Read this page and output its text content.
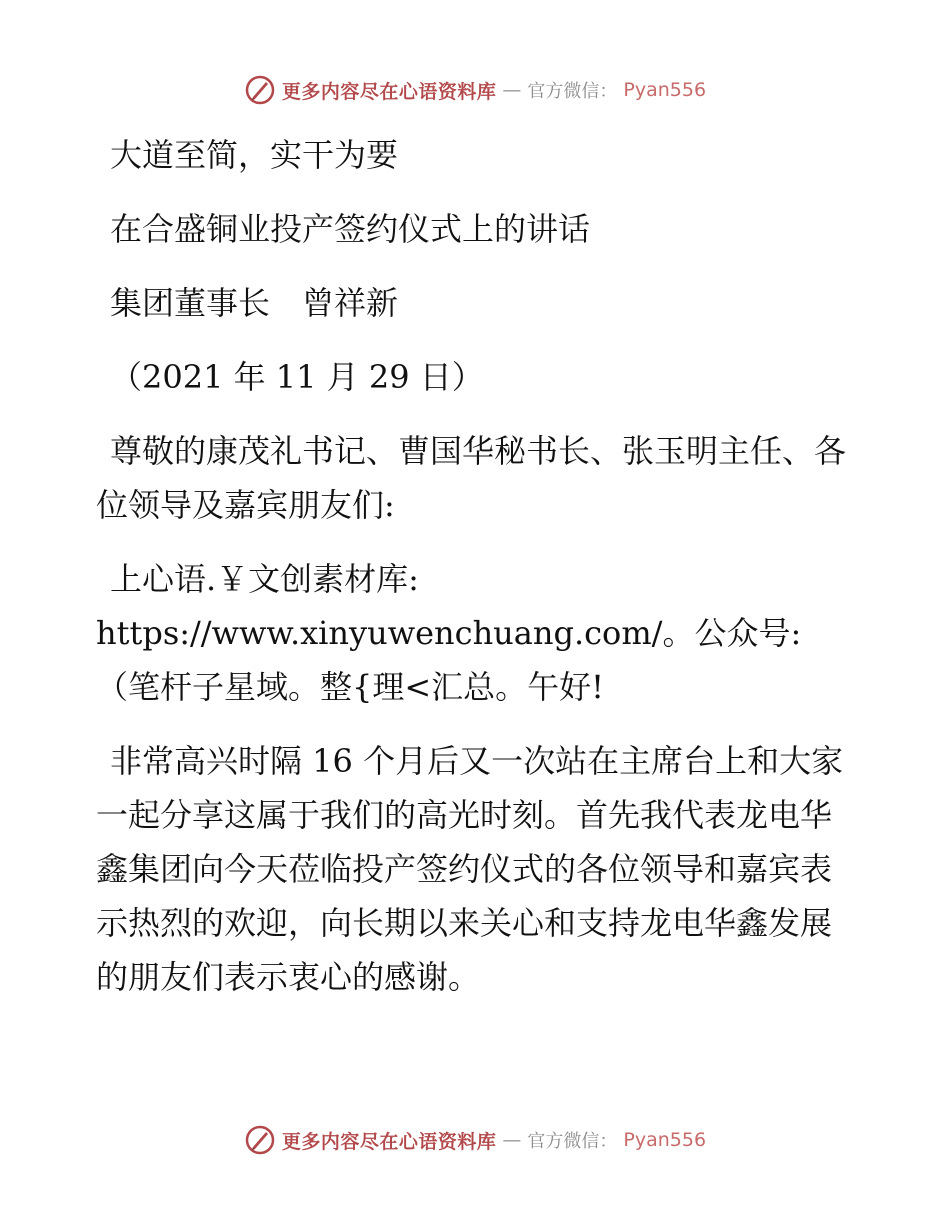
更多内容尽在心语资料库 — 官方微信： Pyan556

大道至简，实干为要

在合盛铜业投产签约仪式上的讲话

集团董事长　曾祥新

（2021 年 11 月 29 日）

尊敬的康茂礼书记、曹国华秘书长、张玉明主任、各位领导及嘉宾朋友们:

上心语.￥文创素材库: https://www.xinyuwenchuang.com/。公众号: （笔杆子星域。整{理<汇总。午好!

非常高兴时隔 16 个月后又一次站在主席台上和大家一起分享这属于我们的高光时刻。首先我代表龙电华鑫集团向今天莅临投产签约仪式的各位领导和嘉宾表示热烈的欢迎，向长期以来关心和支持龙电华鑫发展的朋友们表示衷心的感谢。

更多内容尽在心语资料库 — 官方微信： Pyan556
